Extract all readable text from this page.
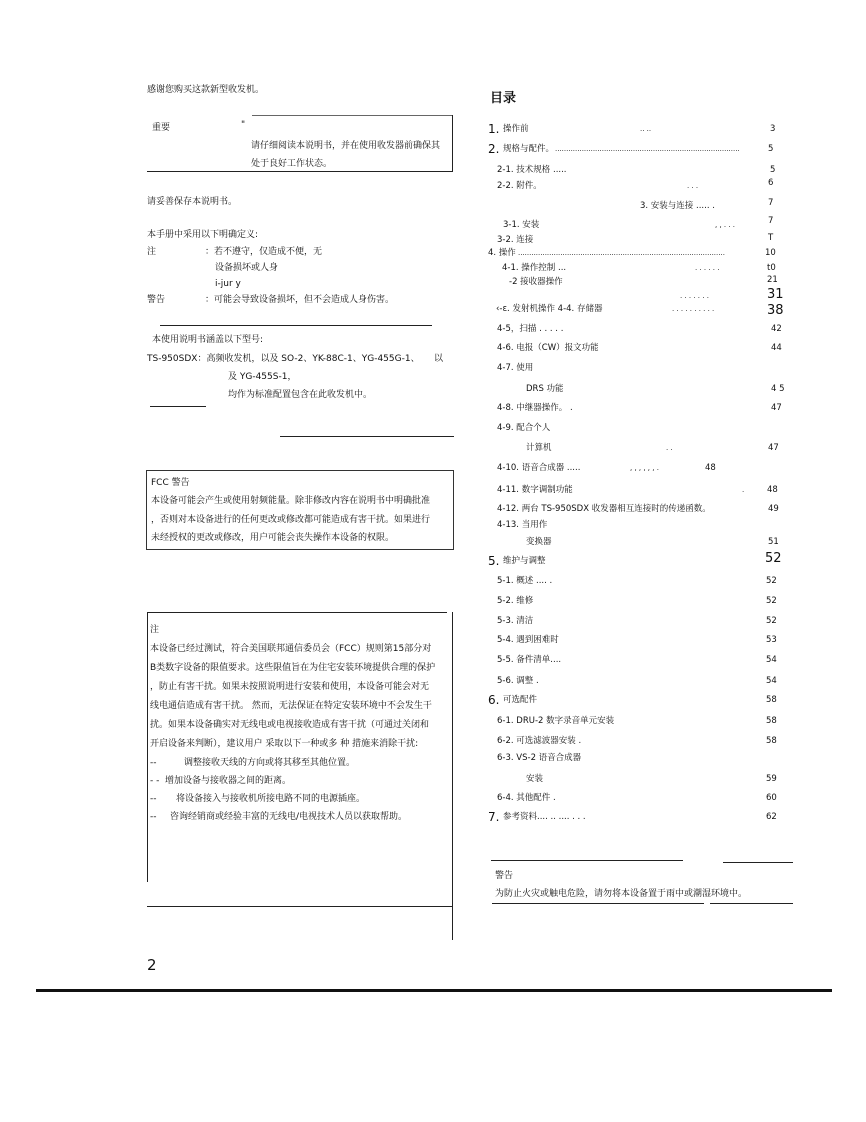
感谢您购买这款新型收发机。
重要	"
请仔细阅读本说明书，并在使用收发器前确保其
处于良好工作状态。
请妥善保存本说明书。
本手册中采用以下明确定义:
注	：若不遵守，仅造成不便，无
设备损坏或人身
i-jur y
警告	：可能会导致设备损坏，但不会造成人身伤害。
本使用说明书涵盖以下型号:
TS-950SDX：高频收发机，以及 SO-2、YK-88C-1、YG-455G-1、 以
及 YG-455S-1，
均作为标准配置包含在此收发机中。
FCC 警告
本设备可能会产生或使用射频能量。除非修改内容在说明书中明确批准
，否则对本设备进行的任何更改或修改都可能造成有害干扰。如果进行
未经授权的更改或修改，用户可能会丧失操作本设备的权限。
注
本设备已经过测试，符合美国联邦通信委员会（FCC）规则第15部分对
B类数字设备的限值要求。这些限值旨在为住宅安装环境提供合理的保护
，防止有害干扰。如果未按照说明进行安装和使用，本设备可能会对无
线电通信造成有害干扰。 然而，无法保证在特定安装环境中不会发生干
扰。如果本设备确实对无线电或电视接收造成有害干扰（可通过关闭和
开启设备来判断），建议用户 采取以下一种或多 种 措施来消除干扰:
--	调整接收天线的方向或将其移至其他位置。
- - 增加设备与接收器之间的距离。
-- 将设备接入与接收机所接电路不同的电源插座。
-- 咨询经销商或经验丰富的无线电/电视技术人员以获取帮助。
2
目录
1. 操作前	.. ..	3
2. 规格与配件。 ...................................................................................	5
2-1. 技术规格 .....	5
2-2. 附件。	. . .	6
3. 安装与连接 ..... .	7
3-1. 安装	, , . . .	7
3-2. 连接	T
4. 操作 .............................................................................................	10
4-1. 操作控制 ...	. . . . . .	t0
-2 接收器操作	21
. . . . . . .	31
‹-ε. 发射机操作 4-4. 存储器	. . . . . . . . . .	38
4-5，扫描 . . . . .	42
4-6. 电报（CW）报文功能	44
4-7. 使用
DRS 功能	4 5
4-8. 中继器操作。 .	47
4-9. 配合个人
计算机	. .	47
4-10. 语音合成器 .....	, , , , , , .	48
4-11. 数字调制功能	.	48
4-12. 两台 TS-950SDX 收发器相互连接时的传递函数。	49
4-13. 当用作
变换器	51
5. 维护与调整	52
5-1. 概述 .... .	52
5-2. 维修	52
5-3. 清洁	52
5-4. 遇到困难时	53
5-5. 备件清单....	54
5-6. 调整 .	54
6. 可选配件	58
6-1. DRU-2 数字录音单元安装	58
6-2. 可选滤波器安装 .	58
6-3. VS-2 语音合成器
安装	59
6-4. 其他配件 .	60
7. 参考资料.... .. .... . . .	62
警告
为防止火灾或触电危险，请勿将本设备置于雨中或潮湿环境中。
